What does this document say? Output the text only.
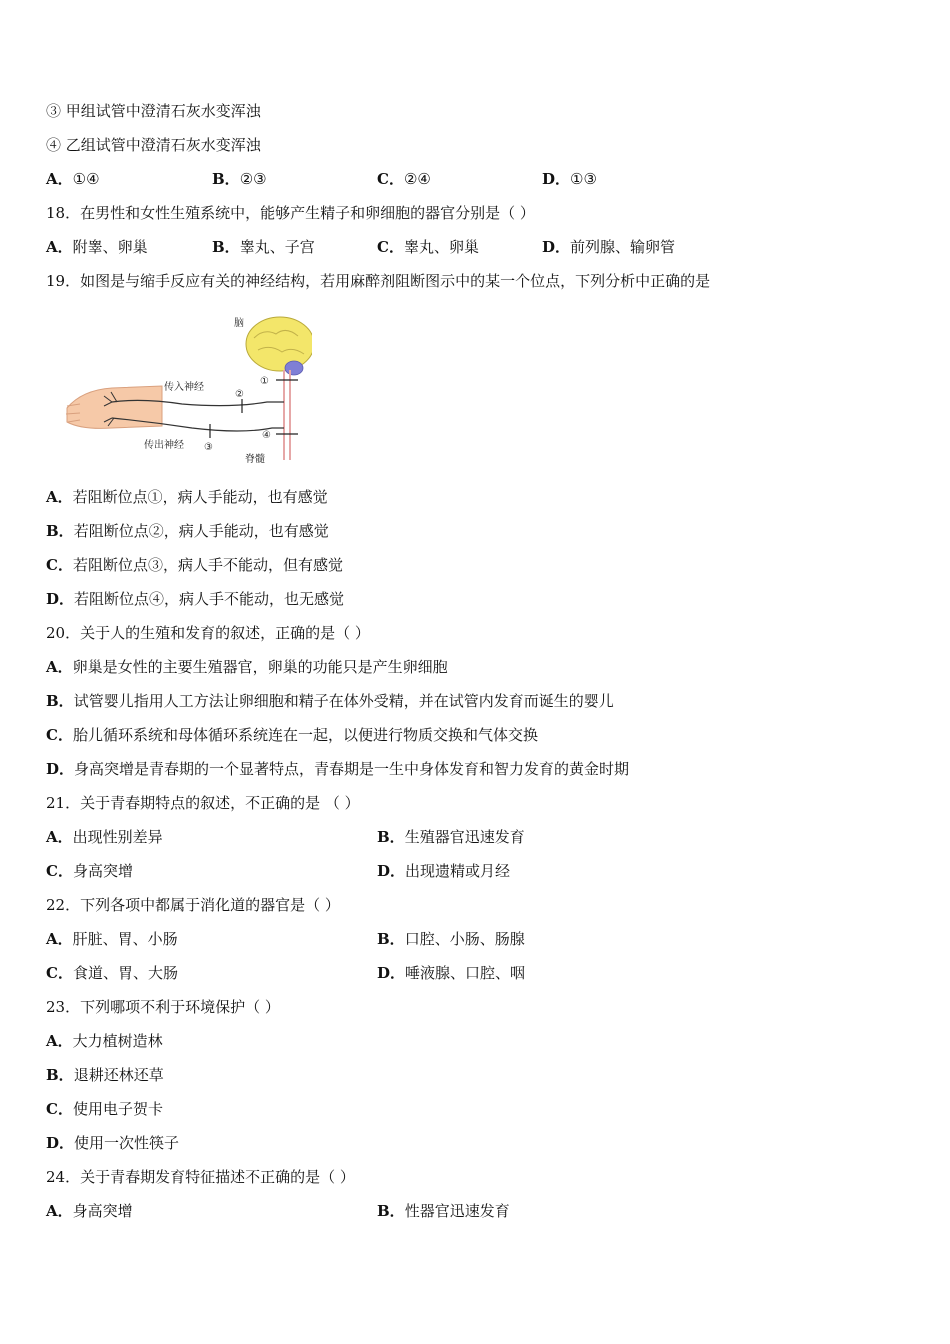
③ 甲组试管中澄清石灰水变浑浊
④ 乙组试管中澄清石灰水变浑浊
A．①④	B．②③	C．②④	D．①③
18．在男性和女性生殖系统中，能够产生精子和卵细胞的器官分别是（ ）
A．附睾、卵巢	B．睾丸、子宫	C．睾丸、卵巢	D．前列腺、输卵管
19．如图是与缩手反应有关的神经结构，若用麻醉剂阻断图示中的某一个位点，下列分析中正确的是
脑
脊髓
①
传入神经
②
传出神经 ③
④
A．若阻断位点①，病人手能动，也有感觉
B．若阻断位点②，病人手能动，也有感觉
C．若阻断位点③，病人手不能动，但有感觉
D．若阻断位点④，病人手不能动，也无感觉
20．关于人的生殖和发育的叙述，正确的是（ ）
A．卵巢是女性的主要生殖器官，卵巢的功能只是产生卵细胞
B．试管婴儿指用人工方法让卵细胞和精子在体外受精，并在试管内发育而诞生的婴儿
C．胎儿循环系统和母体循环系统连在一起，以便进行物质交换和气体交换
D．身高突增是青春期的一个显著特点，青春期是一生中身体发育和智力发育的黄金时期
21．关于青春期特点的叙述，不正确的是 （ ）
A．出现性别差异	B．生殖器官迅速发育
C．身高突增	D．出现遗精或月经
22．下列各项中都属于消化道的器官是（ ）
A．肝脏、胃、小肠	B．口腔、小肠、肠腺
C．食道、胃、大肠	D．唾液腺、口腔、咽
23．下列哪项不利于环境保护（ ）
A．大力植树造林
B．退耕还林还草
C．使用电子贺卡
D．使用一次性筷子
24．关于青春期发育特征描述不正确的是（ ）
A．身高突增	B．性器官迅速发育
